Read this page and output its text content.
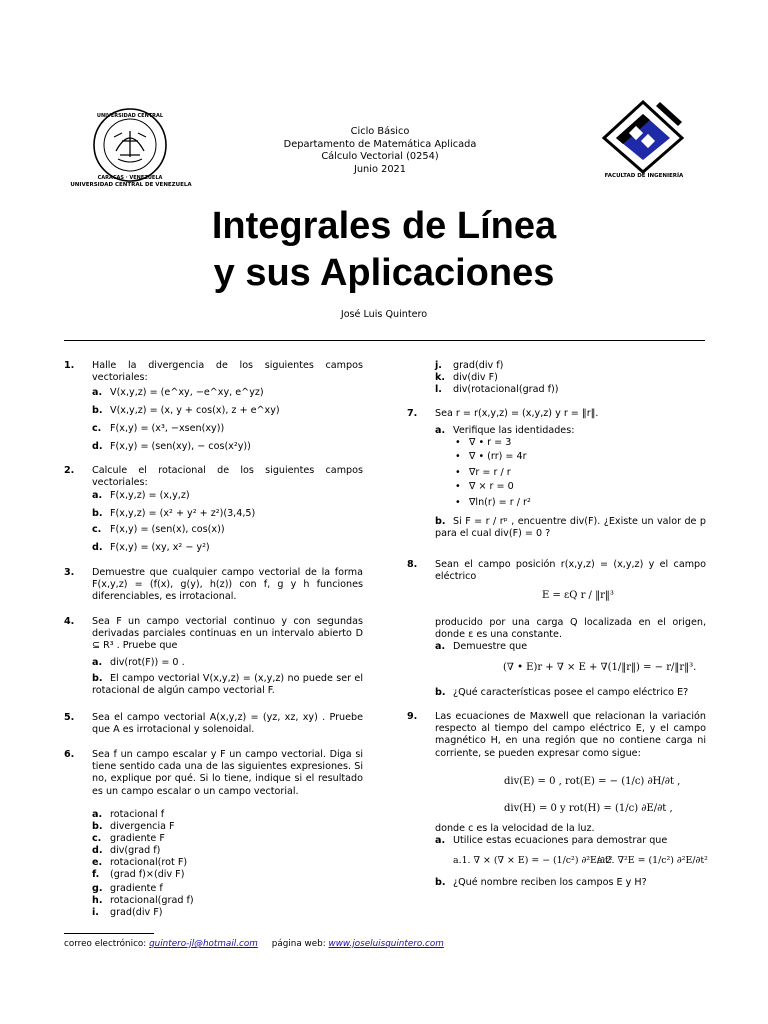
UNIVERSIDAD CENTRAL
CARACAS · VENEZUELA
UNIVERSIDAD CENTRAL DE VENEZUELA
Ciclo Básico
Departamento de Matemática Aplicada
Cálculo Vectorial (0254)
Junio 2021
FACULTAD DE INGENIERÍA
Integrales de Línea
y sus Aplicaciones
José Luis Quintero
1. Halle la divergencia de los siguientes campos vectoriales:
a. V(x,y,z) = (e^xy, −e^xy, e^yz)
b. V(x,y,z) = (x, y + cos(x), z + e^xy)
c. F(x,y) = (x³, −xsen(xy))
d. F(x,y) = (sen(xy), − cos(x²y))
2. Calcule el rotacional de los siguientes campos vectoriales:
a. F(x,y,z) = (x,y,z)
b. F(x,y,z) = (x² + y² + z²)(3,4,5)
c. F(x,y) = (sen(x), cos(x))
d. F(x,y) = (xy, x² − y²)
3. Demuestre que cualquier campo vectorial de la forma F(x,y,z) = (f(x), g(y), h(z)) con f, g y h funciones diferenciables, es irrotacional.
4. Sea F un campo vectorial continuo y con segundas derivadas parciales continuas en un intervalo abierto D ⊆ R³ . Pruebe que
a. div(rot(F)) = 0 .
b. El campo vectorial V(x,y,z) = (x,y,z) no puede ser el rotacional de algún campo vectorial F.
5. Sea el campo vectorial A(x,y,z) = (yz, xz, xy) . Pruebe que A es irrotacional y solenoidal.
6. Sea f un campo escalar y F un campo vectorial. Diga si tiene sentido cada una de las siguientes expresiones. Si no, explique por qué. Si lo tiene, indique si el resultado es un campo escalar o un campo vectorial.
a. rotacional f
b. divergencia F
c. gradiente F
d. div(grad f)
e. rotacional(rot F)
f. (grad f)×(div F)
g. gradiente f
h. rotacional(grad f)
i. grad(div F)
j. grad(div f)
k. div(div F)
l. div(rotacional(grad f))
7. Sea r = r(x,y,z) = (x,y,z) y r = ‖r‖.
a. Verifique las identidades:
• ∇ • r = 3
• ∇ • (rr) = 4r
• ∇r = r / r
• ∇ × r = 0
• ∇ln(r) = r / r²
b. Si F = r / rᵖ , encuentre div(F). ¿Existe un valor de p para el cual div(F) = 0 ?
8. Sean el campo posición r(x,y,z) = (x,y,z) y el campo eléctrico
E = εQ r / ‖r‖³
producido por una carga Q localizada en el origen, donde ε es una constante.
a. Demuestre que
(∇ • E)r + ∇ × E + ∇(1/‖r‖) = − r/‖r‖³.
b. ¿Qué características posee el campo eléctrico E?
9. Las ecuaciones de Maxwell que relacionan la variación respecto al tiempo del campo eléctrico E, y el campo magnético H, en una región que no contiene carga ni corriente, se pueden expresar como sigue:
div(E) = 0 , rot(E) = − (1/c) ∂H/∂t ,
div(H) = 0 y rot(H) = (1/c) ∂E/∂t ,
donde c es la velocidad de la luz.
a. Utilice estas ecuaciones para demostrar que
a.1. ∇ × (∇ × E) = − (1/c²) ∂²E/∂t²
a.2. ∇²E = (1/c²) ∂²E/∂t²
b. ¿Qué nombre reciben los campos E y H?
correo electrónico: quintero-jl@hotmail.com página web: www.joseluisquintero.com
